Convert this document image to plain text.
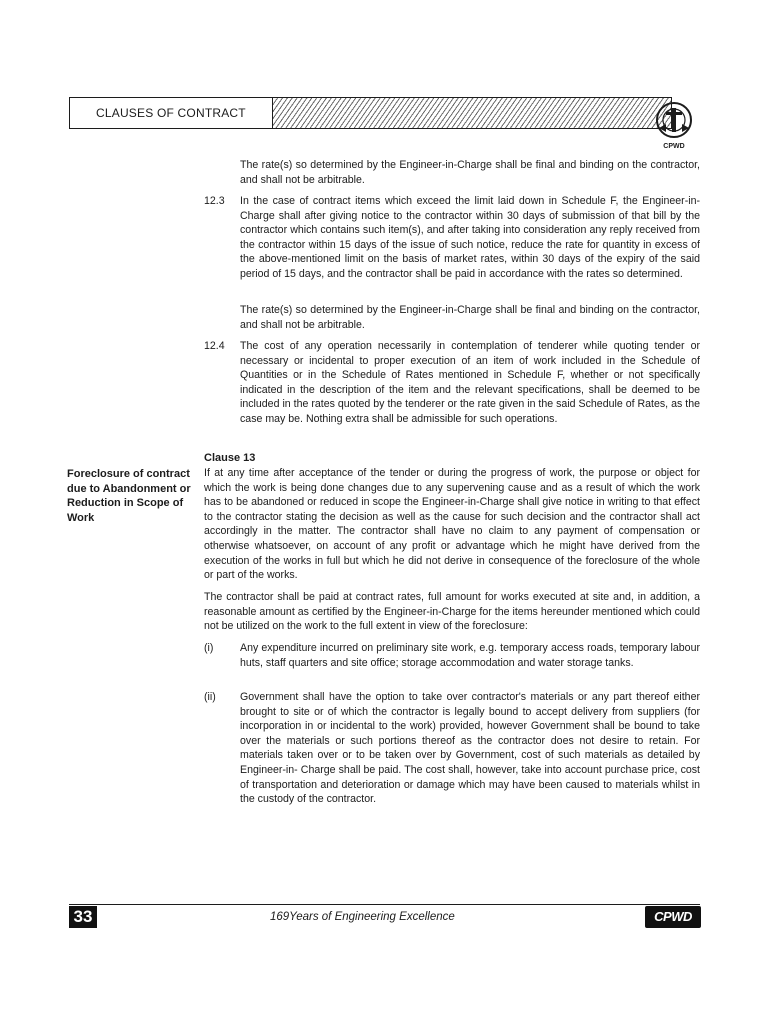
CLAUSES OF CONTRACT
CPWD

The rate(s) so determined by the Engineer-in-Charge shall be final and binding on the contractor, and shall not be arbitrable.

12.3 In the case of contract items which exceed the limit laid down in Schedule F, the Engineer-in-Charge shall after giving notice to the contractor within 30 days of submission of that bill by the contractor which contains such item(s), and after taking into consideration any reply received from the contractor within 15 days of the issue of such notice, reduce the rate for quantity in excess of the above-mentioned limit on the basis of market rates, within 30 days of the expiry of the said period of 15 days, and the contractor shall be paid in accordance with the rates so determined.

The rate(s) so determined by the Engineer-in-Charge shall be final and binding on the contractor, and shall not be arbitrable.

12.4 The cost of any operation necessarily in contemplation of tenderer while quoting tender or necessary or incidental to proper execution of an item of work included in the Schedule of Quantities or in the Schedule of Rates mentioned in Schedule F, whether or not specifically indicated in the description of the item and the relevant specifications, shall be deemed to be included in the rates quoted by the tenderer or the rate given in the said Schedule of Rates, as the case may be. Nothing extra shall be admissible for such operations.

Clause 13
Foreclosure of contract due to Abandonment or Reduction in Scope of Work

If at any time after acceptance of the tender or during the progress of work, the purpose or object for which the work is being done changes due to any supervening cause and as a result of which the work has to be abandoned or reduced in scope the Engineer-in-Charge shall give notice in writing to that effect to the contractor stating the decision as well as the cause for such decision and the contractor shall act accordingly in the matter. The contractor shall have no claim to any payment of compensation or otherwise whatsoever, on account of any profit or advantage which he might have derived from the execution of the works in full but which he did not derive in consequence of the foreclosure of the whole or part of the works.

The contractor shall be paid at contract rates, full amount for works executed at site and, in addition, a reasonable amount as certified by the Engineer-in-Charge for the items hereunder mentioned which could not be utilized on the work to the full extent in view of the foreclosure:

(i)	Any expenditure incurred on preliminary site work, e.g. temporary access roads, temporary labour huts, staff quarters and site office; storage accommodation and water storage tanks.

(ii) Government shall have the option to take over contractor's materials or any part thereof either brought to site or of which the contractor is legally bound to accept delivery from suppliers (for incorporation in or incidental to the work) provided, however Government shall be bound to take over the materials or such portions thereof as the contractor does not desire to retain. For materials taken over or to be taken over by Government, cost of such materials as detailed by Engineer-in- Charge shall be paid. The cost shall, however, take into account purchase price, cost of transportation and deterioration or damage which may have been caused to materials whilst in the custody of the contractor.

33	169Years of Engineering Excellence	CPWD
